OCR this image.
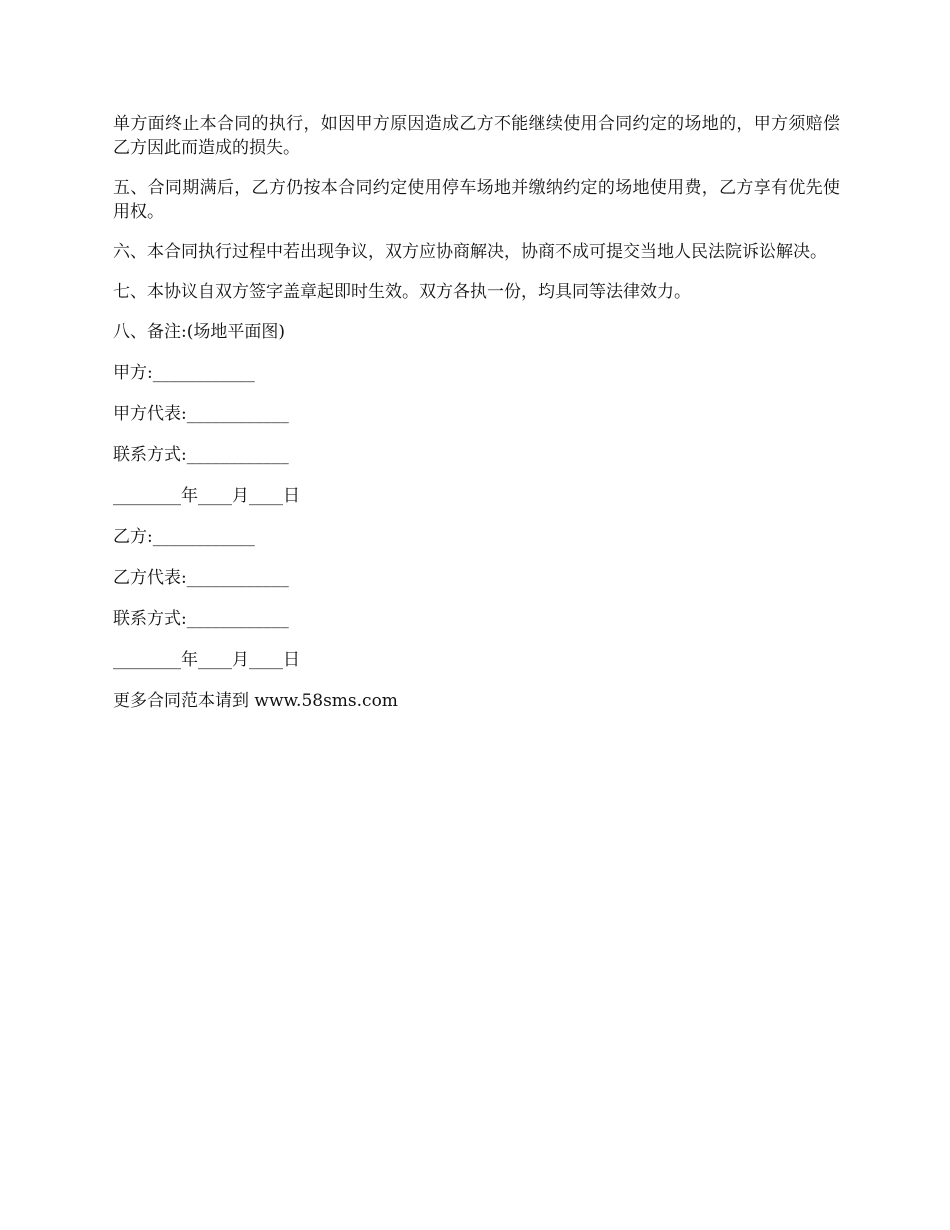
单方面终止本合同的执行，如因甲方原因造成乙方不能继续使用合同约定的场地的，甲方须赔偿乙方因此而造成的损失。

五、合同期满后，乙方仍按本合同约定使用停车场地并缴纳约定的场地使用费，乙方享有优先使用权。

六、本合同执行过程中若出现争议，双方应协商解决，协商不成可提交当地人民法院诉讼解决。

七、本协议自双方签字盖章起即时生效。双方各执一份，均具同等法律效力。

八、备注:(场地平面图)

甲方:____________

甲方代表:____________

联系方式:____________

________年____月____日

乙方:____________

乙方代表:____________

联系方式:____________

________年____月____日

更多合同范本请到 www.58sms.com
